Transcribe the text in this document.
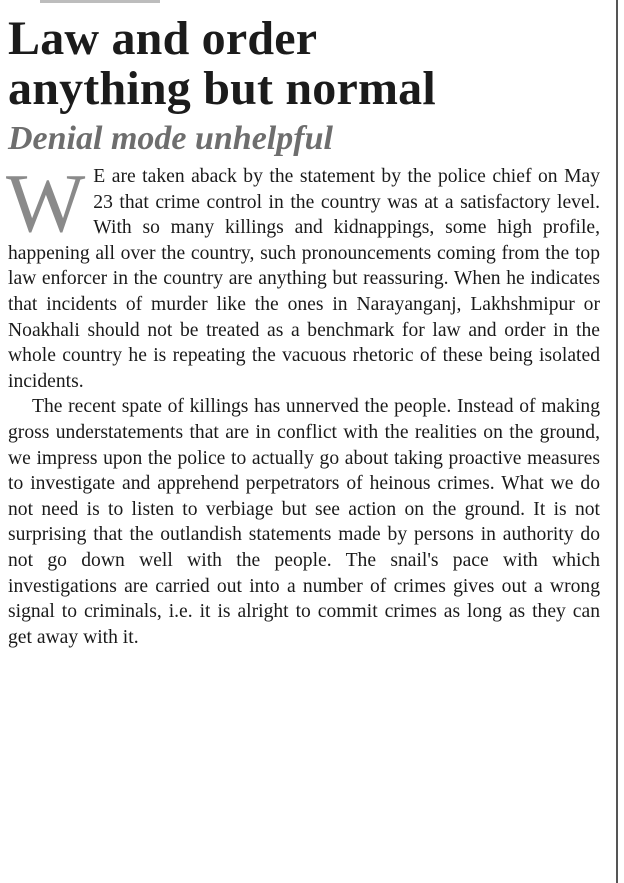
Law and order
anything but normal
Denial mode unhelpful

W E are taken aback by the statement by the police chief on May 23 that crime control in the country was at a satisfactory level. With so many killings and kidnappings, some high profile, happening all over the country, such pronouncements coming from the top law enforcer in the country are anything but reassuring. When he indicates that incidents of murder like the ones in Narayanganj, Lakhshmipur or Noakhali should not be treated as a benchmark for law and order in the whole country he is repeating the vacuous rhetoric of these being isolated incidents.

The recent spate of killings has unnerved the people. Instead of making gross understatements that are in conflict with the realities on the ground, we impress upon the police to actually go about taking proactive measures to investigate and apprehend perpetrators of heinous crimes. What we do not need is to listen to verbiage but see action on the ground. It is not surprising that the outlandish statements made by persons in authority do not go down well with the people. The snail's pace with which investigations are carried out into a number of crimes gives out a wrong signal to criminals, i.e. it is alright to commit crimes as long as they can get away with it.
